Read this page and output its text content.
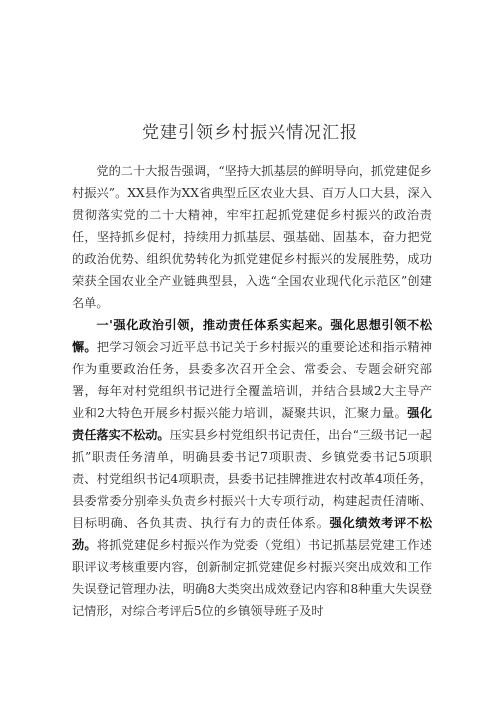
党建引领乡村振兴情况汇报

党的二十大报告强调，“坚持大抓基层的鲜明导向，抓党建促乡村振兴”。XX县作为XX省典型丘区农业大县、百万人口大县，深入贯彻落实党的二十大精神，牢牢扛起抓党建促乡村振兴的政治责任，坚持抓乡促村，持续用力抓基层、强基础、固基本，奋力把党的政治优势、组织优势转化为抓党建促乡村振兴的发展胜势，成功荣获全国农业全产业链典型县，入选“全国农业现代化示范区”创建名单。

一'强化政治引领，推动责任体系实起来。强化思想引领不松懈。把学习领会习近平总书记关于乡村振兴的重要论述和指示精神作为重要政治任务，县委多次召开全会、常委会、专题会研究部署，每年对村党组织书记进行全覆盖培训，并结合县域2大主导产业和2大特色开展乡村振兴能力培训，凝聚共识，汇聚力量。强化责任落实不松动。压实县乡村党组织书记责任，出台“三级书记一起抓”职责任务清单，明确县委书记7项职责、乡镇党委书记5项职责、村党组织书记4项职责，县委书记挂牌推进农村改革4项任务，县委常委分别牵头负责乡村振兴十大专项行动，构建起责任清晰、目标明确、各负其责、执行有力的责任体系。强化绩效考评不松劲。将抓党建促乡村振兴作为党委（党组）书记抓基层党建工作述职评议考核重要内容，创新制定抓党建促乡村振兴突出成效和工作失误登记管理办法，明确8大类突出成效登记内容和8种重大失误登记情形，对综合考评后5位的乡镇领导班子及时
